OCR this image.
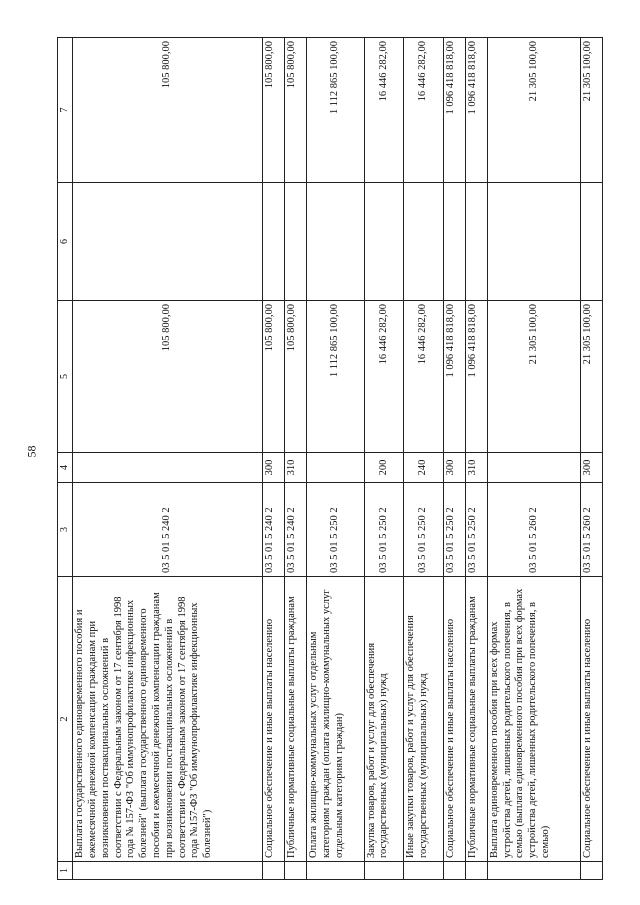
58
1	2	3	4	5	6	7
	Выплата государственного единовременного пособия и ежемесячной денежной компенсации гражданам при возникновении поствакцинальных осложнений в соответствии с Федеральным законом от 17 сентября 1998 года № 157-ФЗ "Об иммунопрофилактике инфекционных болезней" (выплата государственного единовременного пособия и ежемесячной денежной компенсации гражданам при возникновении поствакцинальных осложнений в соответствии с Федеральным законом от 17 сентября 1998 года №157-ФЗ "Об иммунопрофилактике инфекционных болезней")	03 5 01 5 240 2		105 800,00		105 800,00
	Социальное обеспечение и иные выплаты населению	03 5 01 5 240 2	300	105 800,00		105 800,00
	Публичные нормативные социальные выплаты гражданам	03 5 01 5 240 2	310	105 800,00		105 800,00
	Оплата жилищно-коммунальных услуг отдельным категориям граждан (оплата жилищно-коммунальных услуг отдельным категориям граждан)	03 5 01 5 250 2		1 112 865 100,00		1 112 865 100,00
	Закупка товаров, работ и услуг для обеспечения государственных (муниципальных) нужд	03 5 01 5 250 2	200	16 446 282,00		16 446 282,00
	Иные закупки товаров, работ и услуг для обеспечения государственных (муниципальных) нужд	03 5 01 5 250 2	240	16 446 282,00		16 446 282,00
	Социальное обеспечение и иные выплаты населению	03 5 01 5 250 2	300	1 096 418 818,00		1 096 418 818,00
	Публичные нормативные социальные выплаты гражданам	03 5 01 5 250 2	310	1 096 418 818,00		1 096 418 818,00
	Выплата единовременного пособия при всех формах устройства детей, лишенных родительского попечения, в семью (выплата единовременного пособия при всех формах устройства детей, лишенных родительского попечения, в семью)	03 5 01 5 260 2		21 305 100,00		21 305 100,00
	Социальное обеспечение и иные выплаты населению	03 5 01 5 260 2	300	21 305 100,00		21 305 100,00
